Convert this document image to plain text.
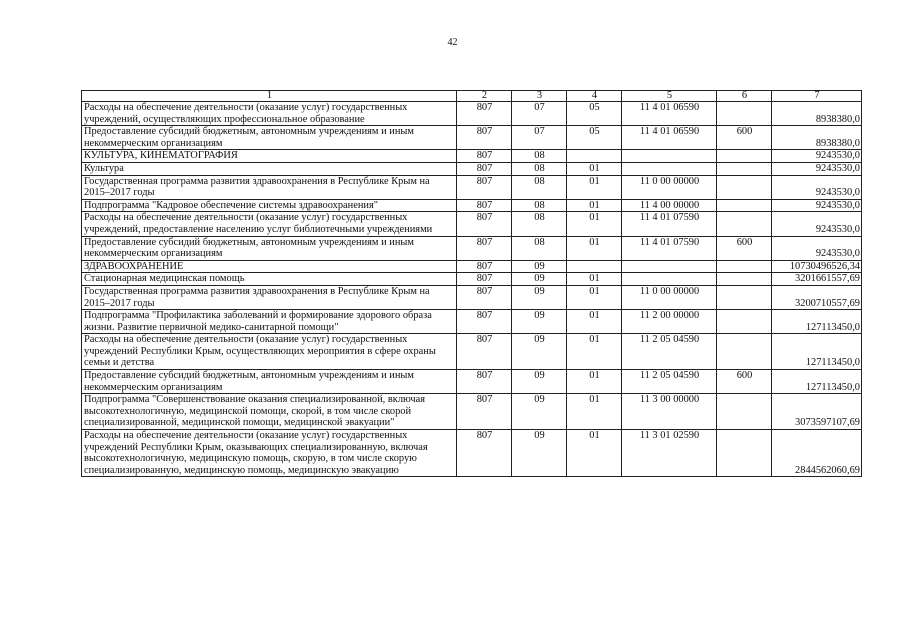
42
1	2	3	4	5	6	7
Расходы на обеспечение деятельности (оказание услуг) государственных учреждений, осуществляющих профессиональное образование	807	07	05	11 4 01 06590		8938380,0
Предоставление субсидий бюджетным, автономным учреждениям и иным некоммерческим организациям	807	07	05	11 4 01 06590	600	8938380,0
КУЛЬТУРА, КИНЕМАТОГРАФИЯ	807	08				9243530,0
Культура	807	08	01			9243530,0
Государственная программа развития здравоохранения в Республике Крым на 2015–2017 годы	807	08	01	11 0 00 00000		9243530,0
Подпрограмма "Кадровое обеспечение системы здравоохранения"	807	08	01	11 4 00 00000		9243530,0
Расходы на обеспечение деятельности (оказание услуг) государственных учреждений, предоставление населению услуг библиотечными учреждениями	807	08	01	11 4 01 07590		9243530,0
Предоставление субсидий бюджетным, автономным учреждениям и иным некоммерческим организациям	807	08	01	11 4 01 07590	600	9243530,0
ЗДРАВООХРАНЕНИЕ	807	09				10730496526,34
Стационарная медицинская помощь	807	09	01			3201661557,69
Государственная программа развития здравоохранения в Республике Крым на 2015–2017 годы	807	09	01	11 0 00 00000		3200710557,69
Подпрограмма "Профилактика заболеваний и формирование здорового образа жизни. Развитие первичной медико-санитарной помощи"	807	09	01	11 2 00 00000		127113450,0
Расходы на обеспечение деятельности (оказание услуг) государственных учреждений Республики Крым, осуществляющих мероприятия в сфере охраны семьи и детства	807	09	01	11 2 05 04590		127113450,0
Предоставление субсидий бюджетным, автономным учреждениям и иным некоммерческим организациям	807	09	01	11 2 05 04590	600	127113450,0
Подпрограмма "Совершенствование оказания специализированной, включая высокотехнологичную, медицинской помощи, скорой, в том числе скорой специализированной, медицинской помощи, медицинской эвакуации"	807	09	01	11 3 00 00000		3073597107,69
Расходы на обеспечение деятельности (оказание услуг) государственных учреждений Республики Крым, оказывающих специализированную, включая высокотехнологичную, медицинскую помощь, скорую, в том числе скорую специализированную, медицинскую помощь, медицинскую эвакуацию	807	09	01	11 3 01 02590		2844562060,69
